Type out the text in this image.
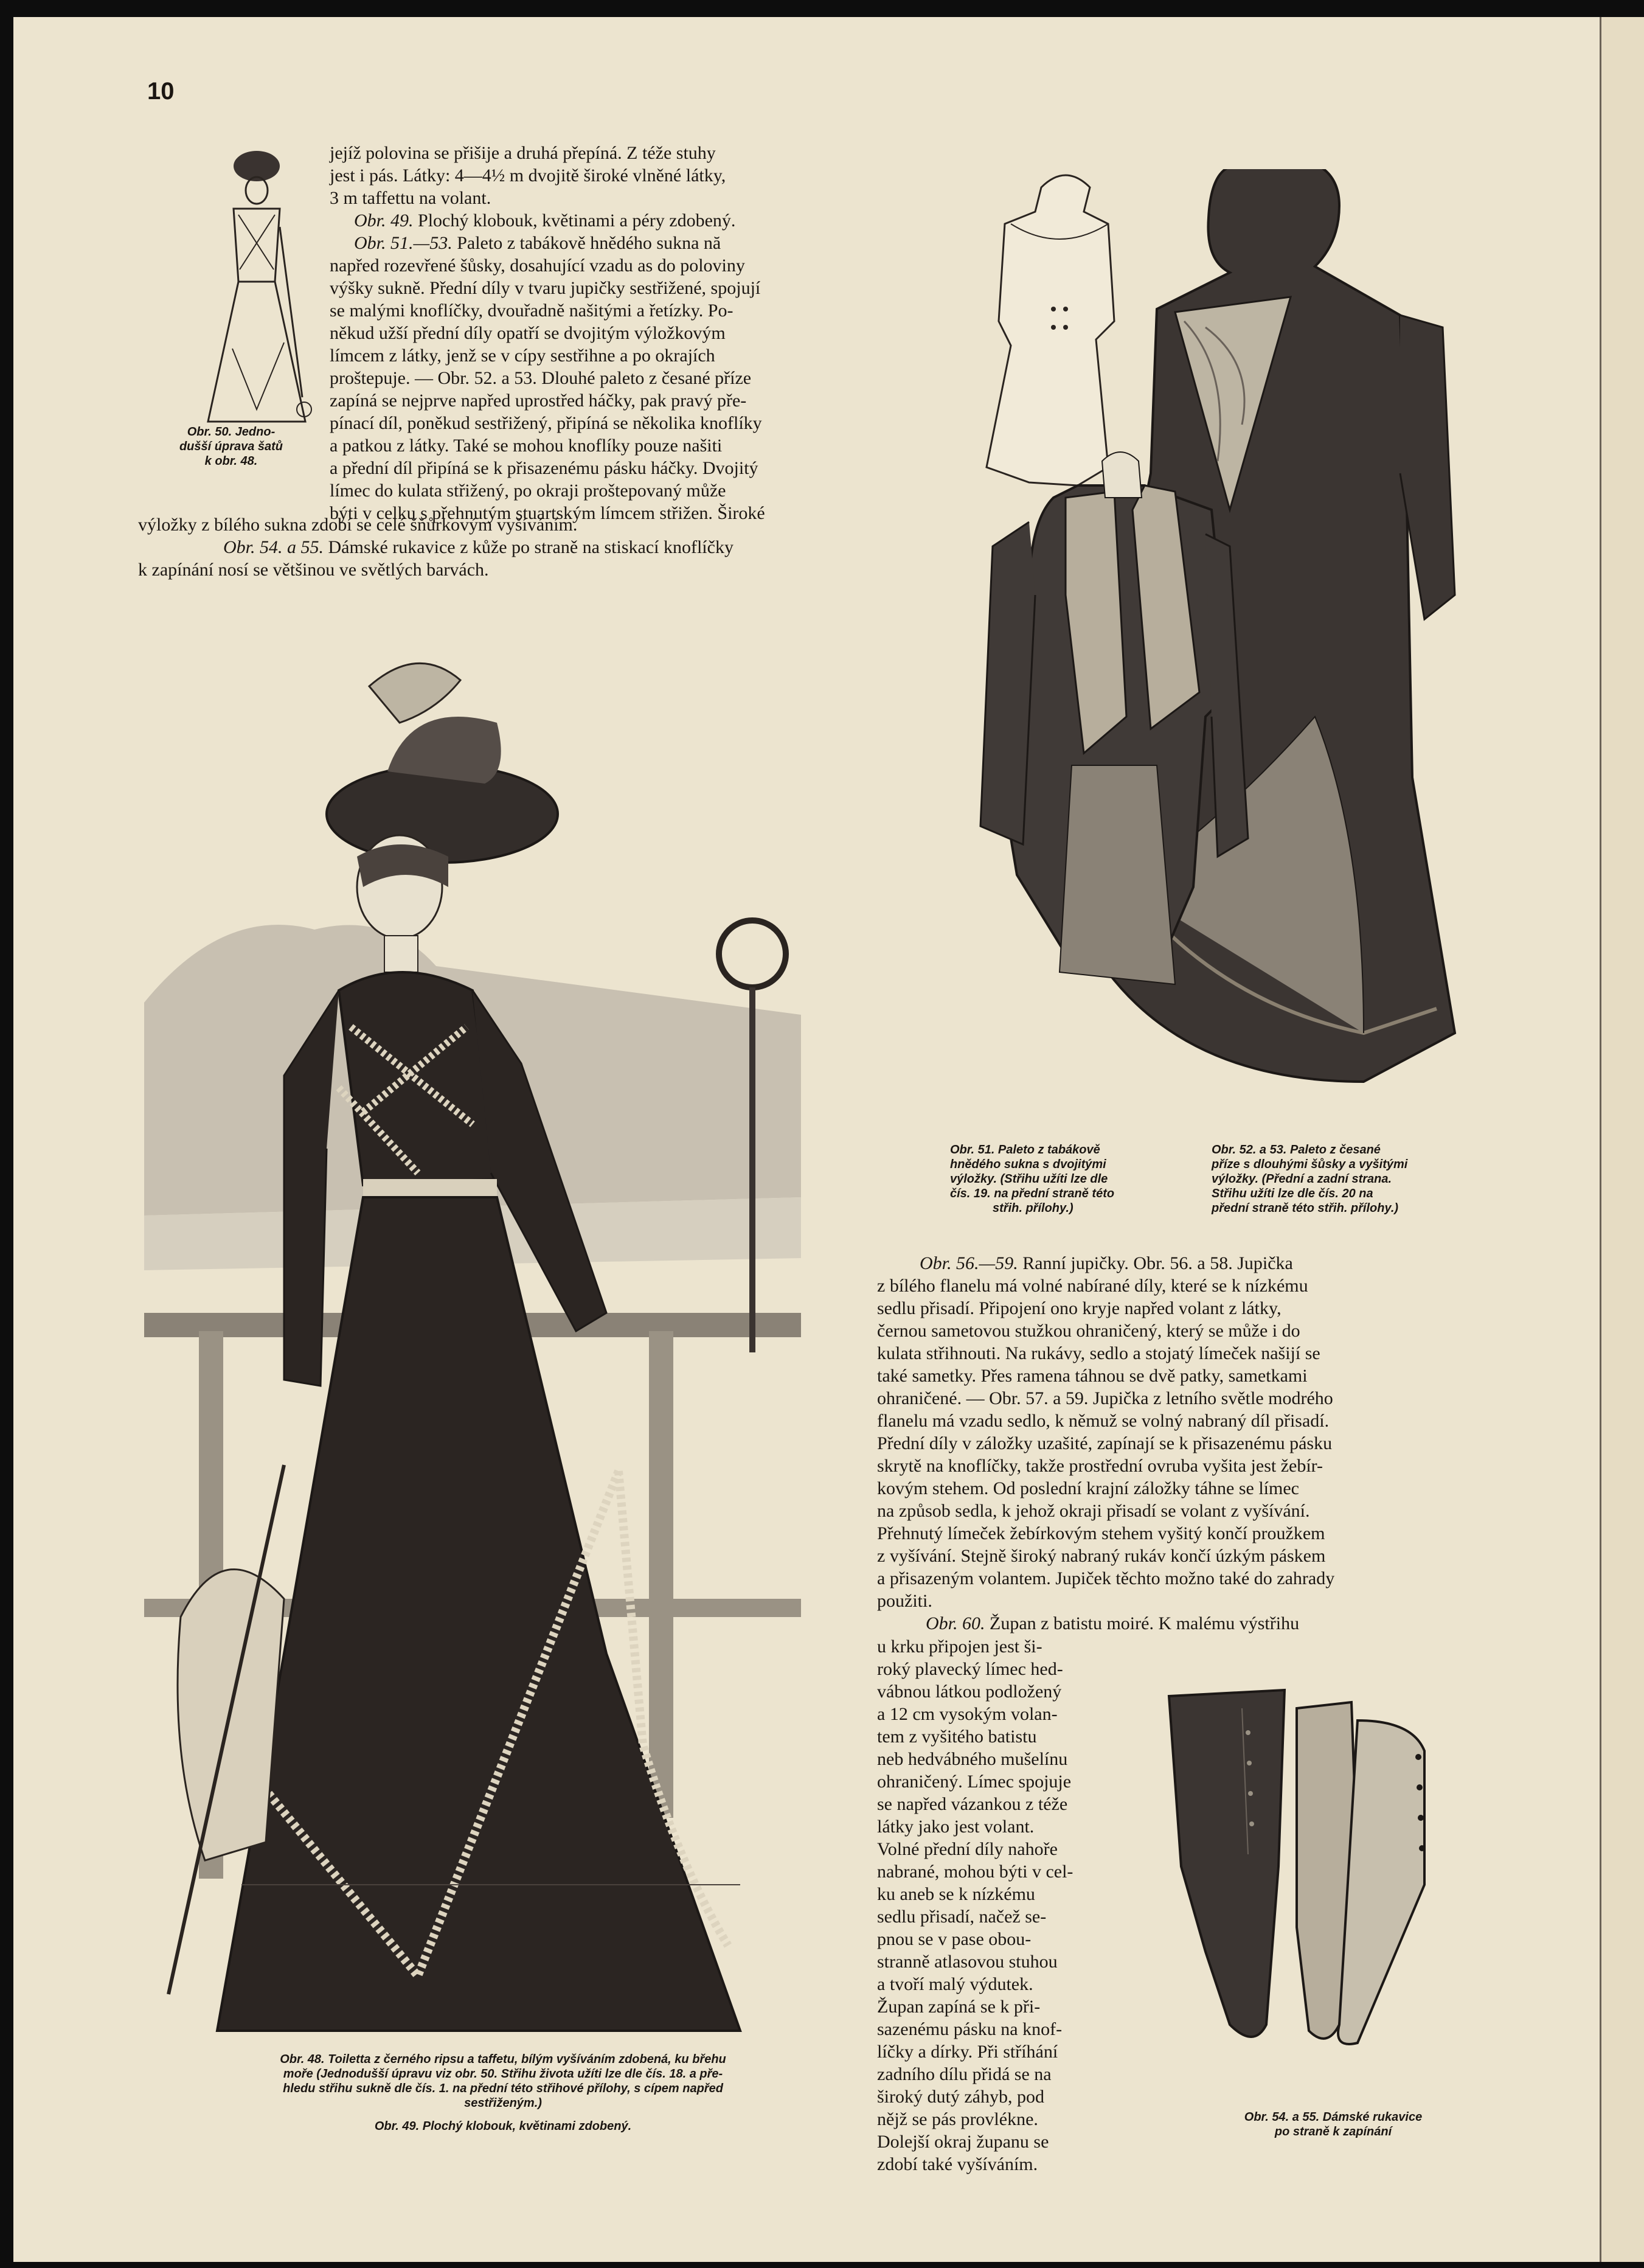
10
Obr. 50. Jedno-
dušší úprava šatů
k obr. 48.
jejíž polovina se přišije a druhá přepíná. Z téže stuhy
jest i pás. Látky: 4—4½ m dvojitě široké vlněné látky,
3 m taffettu na volant.
Obr. 49. Plochý klobouk, květinami a péry zdobený.
Obr. 51.—53. Paleto z tabákově hnědého sukna nă
napřed rozevřené šůsky, dosahující vzadu as do poloviny
výšky sukně. Přední díly v tvaru jupičky sestřižené, spojují
se malými knoflíčky, dvouřadně našitými a řetízky. Po-
někud užší přední díly opatří se dvojitým výložkovým
límcem z látky, jenž se v cípy sestřihne a po okrajích
proštepuje. — Obr. 52. a 53. Dlouhé paleto z česané příze
zapíná se nejprve napřed uprostřed háčky, pak pravý pře-
pínací díl, poněkud sestřižený, připíná se několika knoflíky
a patkou z látky. Také se mohou knoflíky pouze našiti
a přední díl připíná se k přisazenému pásku háčky. Dvojitý
límec do kulata střižený, po okraji proštepovaný může
býti v celku s přehnutým stuartským límcem střižen. Široké
výložky z bílého sukna zdobí se celé šňůrkovým vyšíváním.
Obr. 54. a 55. Dámské rukavice z kůže po straně na stiskací knoflíčky
k zapínání nosí se většinou ve světlých barvách.
Obr. 51. Paleto z tabákově
hnědého sukna s dvojitými
výložky. (Střihu užíti lze dle
čís. 19. na přední straně této
střih. přílohy.)
Obr. 52. a 53. Paleto z česané
příze s dlouhými šůsky a vyšitými
výložky. (Přední a zadní strana.
Střihu užíti lze dle čís. 20 na
přední straně této střih. přílohy.)
Obr. 48. Toiletta z černého ripsu a taffetu, bílým vyšíváním zdobená, ku břehu
moře (Jednodušší úpravu viz obr. 50. Střihu života užíti lze dle čís. 18. a pře-
hledu střihu sukně dle čís. 1. na přední této střihové přílohy, s cípem napřed
sestřiženým.)
Obr. 49. Plochý klobouk, květinami zdobený.
Obr. 56.—59. Ranní jupičky. Obr. 56. a 58. Jupička
z bílého flanelu má volné nabírané díly, které se k nízkému
sedlu přisadí. Připojení ono kryje napřed volant z látky,
černou sametovou stužkou ohraničený, který se může i do
kulata střihnouti. Na rukávy, sedlo a stojatý límeček našijí se
také sametky. Přes ramena táhnou se dvě patky, sametkami
ohraničené. — Obr. 57. a 59. Jupička z letního světle modrého
flanelu má vzadu sedlo, k němuž se volný nabraný díl přisadí.
Přední díly v záložky uzašité, zapínají se k přisazenému pásku
skrytě na knoflíčky, takže prostřední ovruba vyšita jest žebír-
kovým stehem. Od poslední krajní záložky táhne se límec
na způsob sedla, k jehož okraji přisadí se volant z vyšívání.
Přehnutý límeček žebírkovým stehem vyšitý končí proužkem
z vyšívání. Stejně široký nabraný rukáv končí úzkým páskem
a přisazeným volantem. Jupiček těchto možno také do zahrady
použiti.
Obr. 60. Župan z batistu moiré. K malému výstřihu
u krku připojen jest ši-
roký plavecký límec hed-
vábnou látkou podložený
a 12 cm vysokým volan-
tem z vyšitého batistu
neb hedvábného mušelínu
ohraničený. Límec spojuje
se napřed vázankou z téže
látky jako jest volant.
Volné přední díly nahoře
nabrané, mohou býti v cel-
ku aneb se k nízkému
sedlu přisadí, načež se-
pnou se v pase obou-
stranně atlasovou stuhou
a tvoří malý výdutek.
Župan zapíná se k při-
sazenému pásku na knof-
líčky a dírky. Při stříhání
zadního dílu přidá se na
široký dutý záhyb, pod
nějž se pás provlékne.
Dolejší okraj županu se
zdobí také vyšíváním.
Obr. 54. a 55. Dámské rukavice
po straně k zapínání
